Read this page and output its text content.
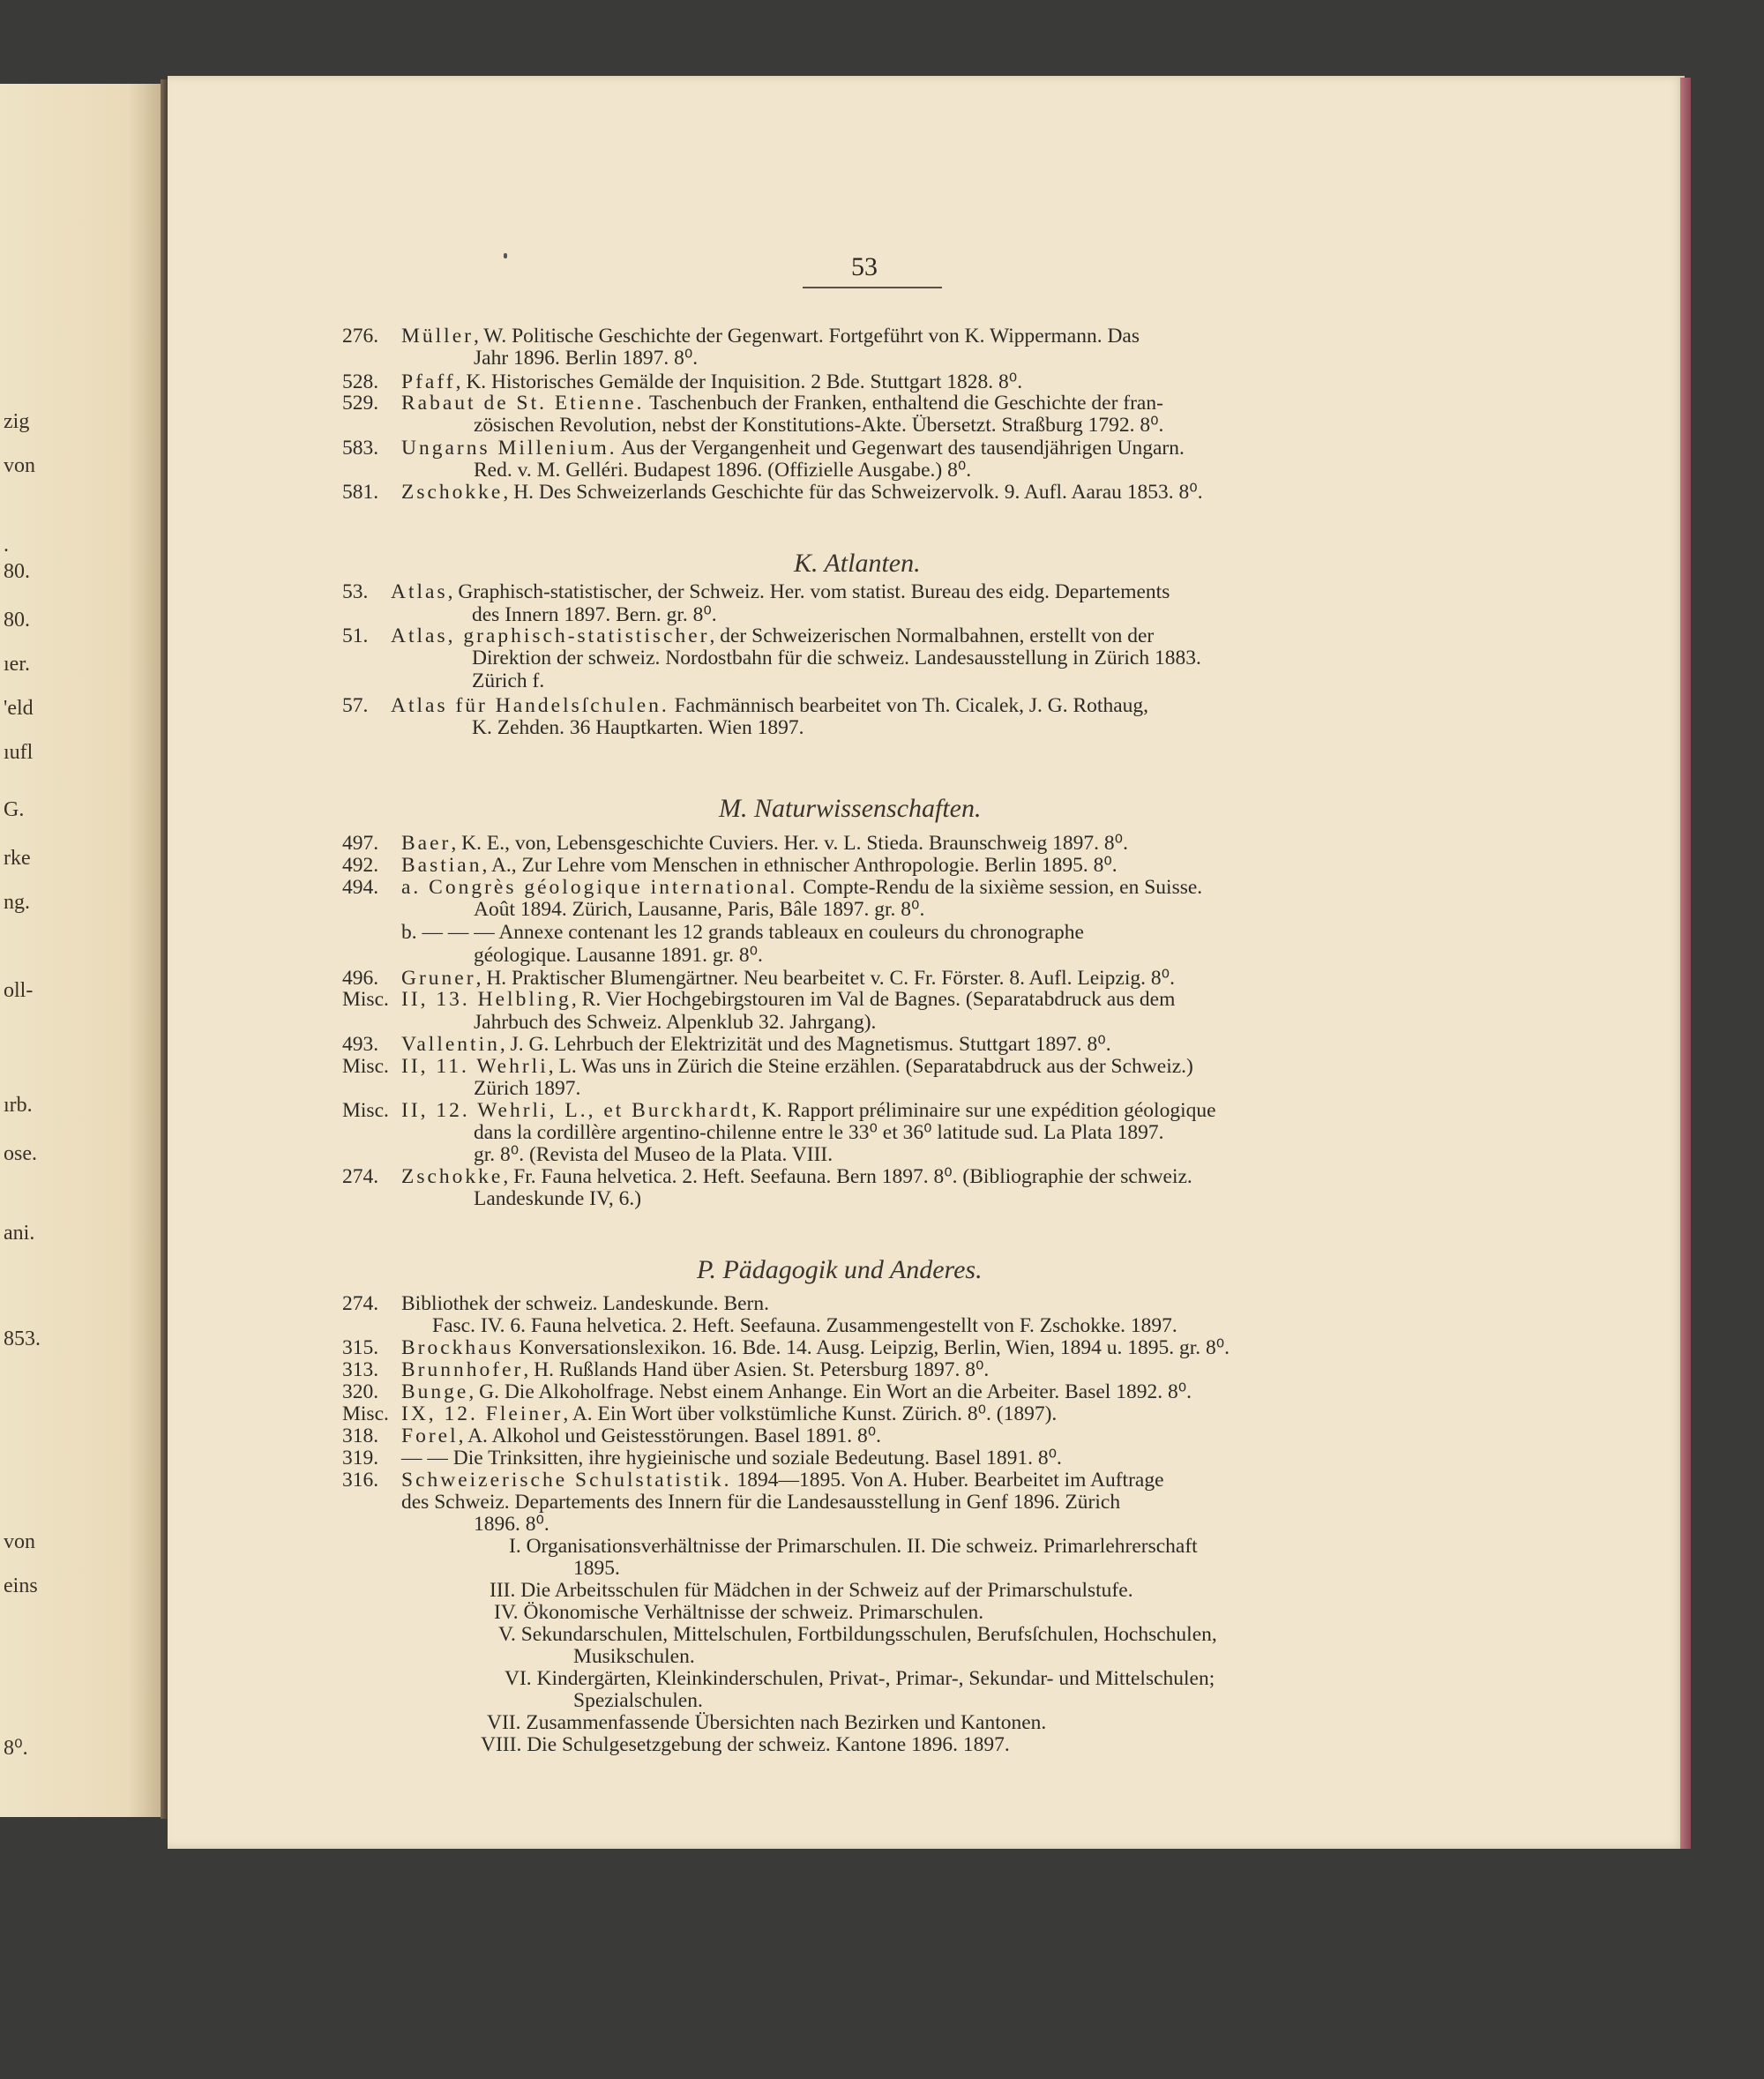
zig
von
.
80.
80.
ıer.
'eld
ıufl
G.
rke
ng.
oll-
ırb.
ose.
ani.
853.
von
eins
8⁰.
53
276. Müller, W. Politische Geschichte der Gegenwart. Fortgeführt von K. Wippermann. Das
Jahr 1896. Berlin 1897. 8⁰.
528. Pfaff, K. Historisches Gemälde der Inquisition. 2 Bde. Stuttgart 1828. 8⁰.
529. Rabaut de St. Etienne. Taschenbuch der Franken, enthaltend die Geschichte der fran-
zösischen Revolution, nebst der Konstitutions-Akte. Übersetzt. Straßburg 1792. 8⁰.
583. Ungarns Millenium. Aus der Vergangenheit und Gegenwart des tausendjährigen Ungarn.
Red. v. M. Gelléri. Budapest 1896. (Offizielle Ausgabe.) 8⁰.
581. Zschokke, H. Des Schweizerlands Geschichte für das Schweizervolk. 9. Aufl. Aarau 1853. 8⁰.
K. Atlanten.
53. Atlas, Graphisch-statistischer, der Schweiz. Her. vom statist. Bureau des eidg. Departements
des Innern 1897. Bern. gr. 8⁰.
51. Atlas, graphisch-statistischer, der Schweizerischen Normalbahnen, erstellt von der
Direktion der schweiz. Nordostbahn für die schweiz. Landesausstellung in Zürich 1883.
Zürich f.
57. Atlas für Handelsſchulen. Fachmännisch bearbeitet von Th. Cicalek, J. G. Rothaug,
K. Zehden. 36 Hauptkarten. Wien 1897.
M. Naturwissenschaften.
497. Baer, K. E., von, Lebensgeschichte Cuviers. Her. v. L. Stieda. Braunschweig 1897. 8⁰.
492. Bastian, A., Zur Lehre vom Menschen in ethnischer Anthropologie. Berlin 1895. 8⁰.
494. a. Congrès géologique international. Compte-Rendu de la sixième session, en Suisse.
Août 1894. Zürich, Lausanne, Paris, Bâle 1897. gr. 8⁰.
b. — — — Annexe contenant les 12 grands tableaux en couleurs du chronographe
géologique. Lausanne 1891. gr. 8⁰.
496. Gruner, H. Praktischer Blumengärtner. Neu bearbeitet v. C. Fr. Förster. 8. Aufl. Leipzig. 8⁰.
Misc. II, 13. Helbling, R. Vier Hochgebirgstouren im Val de Bagnes. (Separatabdruck aus dem
Jahrbuch des Schweiz. Alpenklub 32. Jahrgang).
493. Vallentin, J. G. Lehrbuch der Elektrizität und des Magnetismus. Stuttgart 1897. 8⁰.
Misc. II, 11. Wehrli, L. Was uns in Zürich die Steine erzählen. (Separatabdruck aus der Schweiz.)
Zürich 1897.
Misc. II, 12. Wehrli, L., et Burckhardt, K. Rapport préliminaire sur une expédition géologique
dans la cordillère argentino-chilenne entre le 33⁰ et 36⁰ latitude sud. La Plata 1897.
gr. 8⁰. (Revista del Museo de la Plata. VIII.
274. Zschokke, Fr. Fauna helvetica. 2. Heft. Seefauna. Bern 1897. 8⁰. (Bibliographie der schweiz.
Landeskunde IV, 6.)
P. Pädagogik und Anderes.
274. Bibliothek der schweiz. Landeskunde. Bern.
Fasc. IV. 6. Fauna helvetica. 2. Heft. Seefauna. Zusammengestellt von F. Zschokke. 1897.
315. Brockhaus Konversationslexikon. 16. Bde. 14. Ausg. Leipzig, Berlin, Wien, 1894 u. 1895. gr. 8⁰.
313. Brunnhofer, H. Rußlands Hand über Asien. St. Petersburg 1897. 8⁰.
320. Bunge, G. Die Alkoholfrage. Nebst einem Anhange. Ein Wort an die Arbeiter. Basel 1892. 8⁰.
Misc. IX, 12. Fleiner, A. Ein Wort über volkstümliche Kunst. Zürich. 8⁰. (1897).
318. Forel, A. Alkohol und Geistesstörungen. Basel 1891. 8⁰.
319. — — Die Trinksitten, ihre hygieinische und soziale Bedeutung. Basel 1891. 8⁰.
316. Schweizerische Schulstatistik. 1894—1895. Von A. Huber. Bearbeitet im Auftrage
des Schweiz. Departements des Innern für die Landesausstellung in Genf 1896. Zürich
1896. 8⁰.
I. Organisationsverhältnisse der Primarschulen. II. Die schweiz. Primarlehrerschaft
1895.
III. Die Arbeitsschulen für Mädchen in der Schweiz auf der Primarschulstufe.
IV. Ökonomische Verhältnisse der schweiz. Primarschulen.
V. Sekundarschulen, Mittelschulen, Fortbildungsschulen, Berufsſchulen, Hochschulen,
Musikschulen.
VI. Kindergärten, Kleinkinderschulen, Privat-, Primar-, Sekundar- und Mittelschulen;
Spezialschulen.
VII. Zusammenfassende Übersichten nach Bezirken und Kantonen.
VIII. Die Schulgesetzgebung der schweiz. Kantone 1896. 1897.
